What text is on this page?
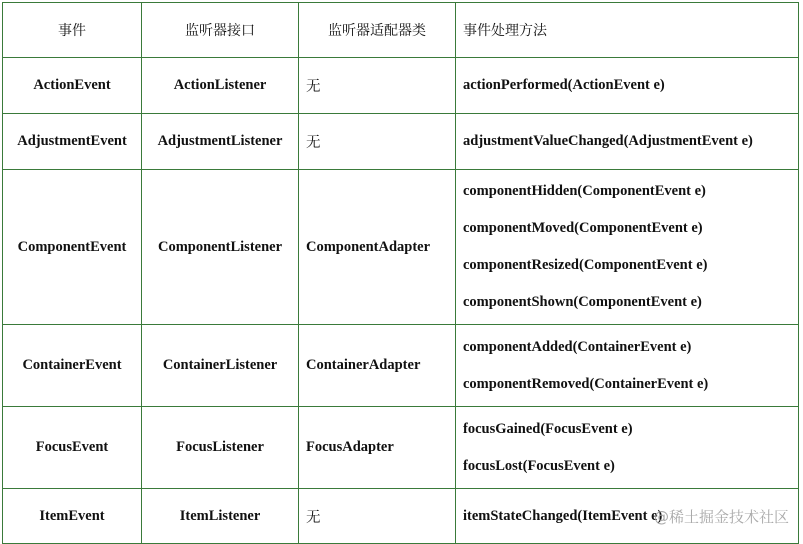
事件	监听器接口	监听器适配器类	事件处理方法
ActionEvent	ActionListener	无	actionPerformed(ActionEvent e)

AdjustmentEvent	AdjustmentListener	无	adjustmentValueChanged(AdjustmentEvent e)

ComponentEvent	ComponentListener	ComponentAdapter	componentHidden(ComponentEvent e)
componentMoved(ComponentEvent e)
componentResized(ComponentEvent e)
componentShown(ComponentEvent e)

ContainerEvent	ContainerListener	ContainerAdapter	componentAdded(ContainerEvent e)
componentRemoved(ContainerEvent e)

FocusEvent	FocusListener	FocusAdapter	focusGained(FocusEvent e)
focusLost(FocusEvent e)

ItemEvent	ItemListener	无	itemStateChanged(ItemEvent e)
@稀土掘金技术社区
